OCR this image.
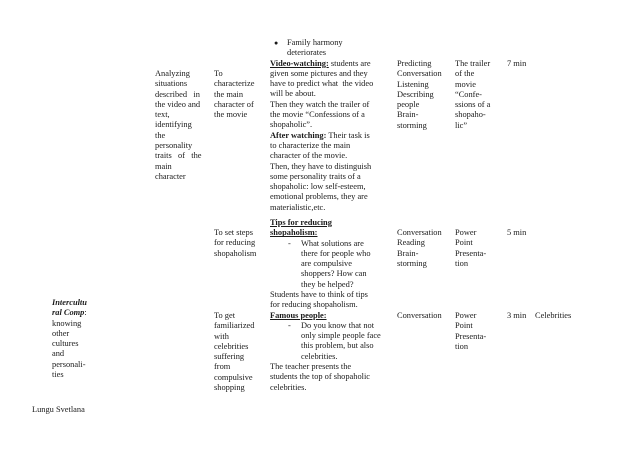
Analyzing
situations
described   in
the video and
text,
identifying
the
personality
traits   of   the
main
character
To
characterize
the main
character of
the movie
● Family harmony
deteriorates
Video-watching: students are
given some pictures and they
have to predict what  the video
will be about.
Then they watch the trailer of
the movie “Confessions of a
shopaholic”.
After watching: Their task is
to characterize the main
character of the movie.
Then, they have to distinguish
some personality traits of a
shopaholic: low self-esteem,
emotional problems, they are
materialistic,etc.
Predicting
Conversation
Listening
Describing
people
Brain-
storming
The trailer
of the
movie
“Confe-
ssions of a
shopaho-
lic”
7 min
To set steps
for reducing
shopaholism
Tips for reducing
shopaholism:
- What solutions are
there for people who
are compulsive
shoppers? How can
they be helped?
Conversation
Reading
Brain-
storming
Power
Point
Presenta-
tion
5 min
Intercultu
ral Comp:
knowing
other
cultures
and
personali-
ties
To get
familiarized
with
celebrities
suffering
from
compulsive
shopping
Students have to think of tips
for reducing shopaholism.
Famous people:
- Do you know that not
only simple people face
this problem, but also
celebrities.
The teacher presents the
students the top of shopaholic
celebrities.
Conversation	Power
Point
Presenta-
tion
3 min Celebrities
Lungu Svetlana
